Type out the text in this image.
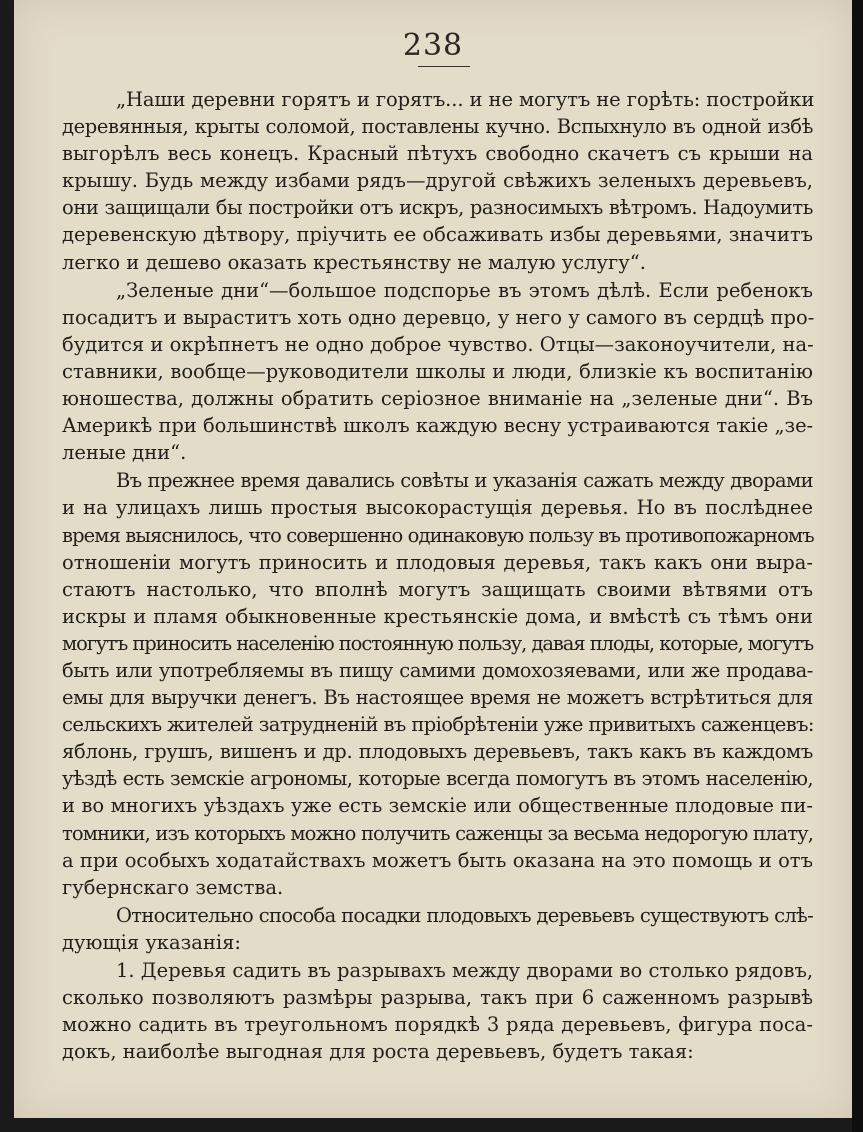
238
„Наши деревни горятъ и горятъ... и не могутъ не горѣть: постройки
деревянныя, крыты соломой, поставлены кучно. Вспыхнуло въ одной избѣ
выгорѣлъ весь конецъ. Красный пѣтухъ свободно скачетъ съ крыши на
крышу. Будь между избами рядъ—другой свѣжихъ зеленыхъ деревьевъ,
они защищали бы постройки отъ искръ, разносимыхъ вѣтромъ. Надоумить
деревенскую дѣтвору, пріучить ее обсаживать избы деревьями, значитъ
легко и дешево оказать крестьянству не малую услугу“.
„Зеленые дни“—большое подспорье въ этомъ дѣлѣ. Если ребенокъ
посадитъ и выраститъ хоть одно деревцо, у него у самого въ сердцѣ про-
будится и окрѣпнетъ не одно доброе чувство. Отцы—законоучители, на-
ставники, вообще—руководители школы и люди, близкіе къ воспитанію
юношества, должны обратить серіозное вниманіе на „зеленые дни“. Въ
Америкѣ при большинствѣ школъ каждую весну устраиваются такіе „зе-
леные дни“.
Въ прежнее время давались совѣты и указанія сажать между дворами
и на улицахъ лишь простыя высокорастущія деревья. Но въ послѣднее
время выяснилось, что совершенно одинаковую пользу въ противопожарномъ
отношеніи могутъ приносить и плодовыя деревья, такъ какъ они выра-
стаютъ настолько, что вполнѣ могутъ защищать своими вѣтвями отъ
искры и пламя обыкновенные крестьянскіе дома, и вмѣстѣ съ тѣмъ они
могутъ приносить населенію постоянную пользу, давая плоды, которые, могутъ
быть или употребляемы въ пищу самими домохозяевами, или же продава-
емы для выручки денегъ. Въ настоящее время не можетъ встрѣтиться для
сельскихъ жителей затрудненій въ пріобрѣтеніи уже привитыхъ саженцевъ:
яблонь, грушъ, вишенъ и др. плодовыхъ деревьевъ, такъ какъ въ каждомъ
уѣздѣ есть земскіе агрономы, которые всегда помогутъ въ этомъ населенію,
и во многихъ уѣздахъ уже есть земскіе или общественные плодовые пи-
томники, изъ которыхъ можно получить саженцы за весьма недорогую плату,
а при особыхъ ходатайствахъ можетъ быть оказана на это помощь и отъ
губернскаго земства.
Относительно способа посадки плодовыхъ деревьевъ существуютъ слѣ-
дующія указанія:
1. Деревья садить въ разрывахъ между дворами во столько рядовъ,
сколько позволяютъ размѣры разрыва, такъ при 6 саженномъ разрывѣ
можно садить въ треугольномъ порядкѣ 3 ряда деревьевъ, фигура поса-
докъ, наиболѣе выгодная для роста деревьевъ, будетъ такая:
